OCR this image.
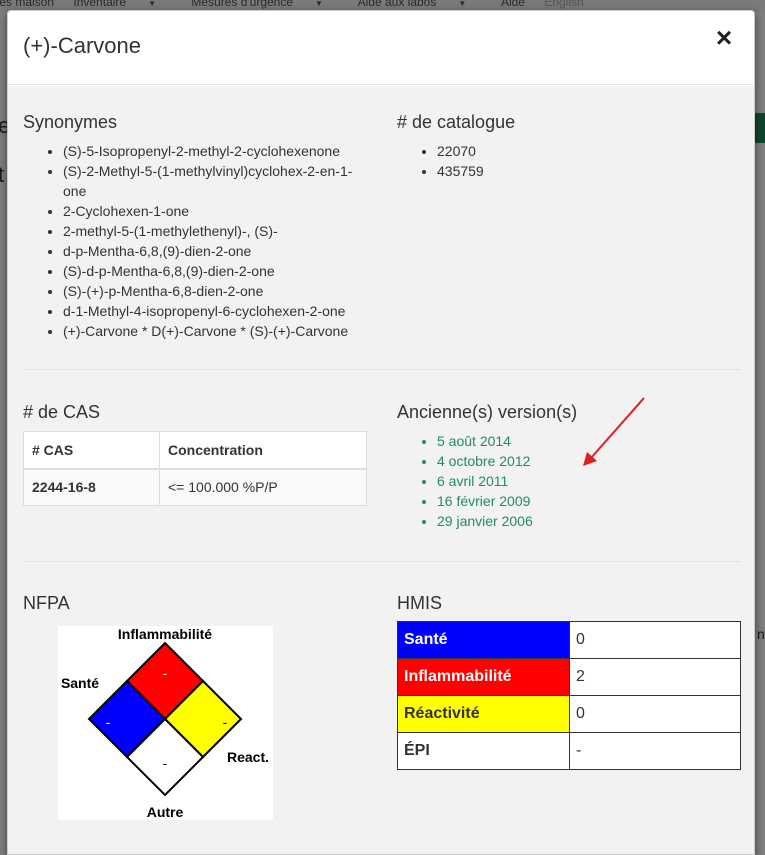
(+)-Carvone	×
Synonymes
• (S)-5-Isopropenyl-2-methyl-2-cyclohexenone
• (S)-2-Methyl-5-(1-methylvinyl)cyclohex-2-en-1-one
• 2-Cyclohexen-1-one
• 2-methyl-5-(1-methylethenyl)-, (S)-
• d-p-Mentha-6,8,(9)-dien-2-one
• (S)-d-p-Mentha-6,8,(9)-dien-2-one
• (S)-(+)-p-Mentha-6,8-dien-2-one
• d-1-Methyl-4-isopropenyl-6-cyclohexen-2-one
• (+)-Carvone * D(+)-Carvone * (S)-(+)-Carvone
# de catalogue
• 22070
• 435759
# de CAS
# CAS	Concentration
2244-16-8	<= 100.000 %P/P
Ancienne(s) version(s)
• 5 août 2014
• 4 octobre 2012
• 6 avril 2011
• 16 février 2009
• 29 janvier 2006
NFPA
Inflammabilité
Santé
React.
Autre
-
-	-
-
HMIS
Santé	0
Inflammabilité	2
Réactivité	0
ÉPI	-
